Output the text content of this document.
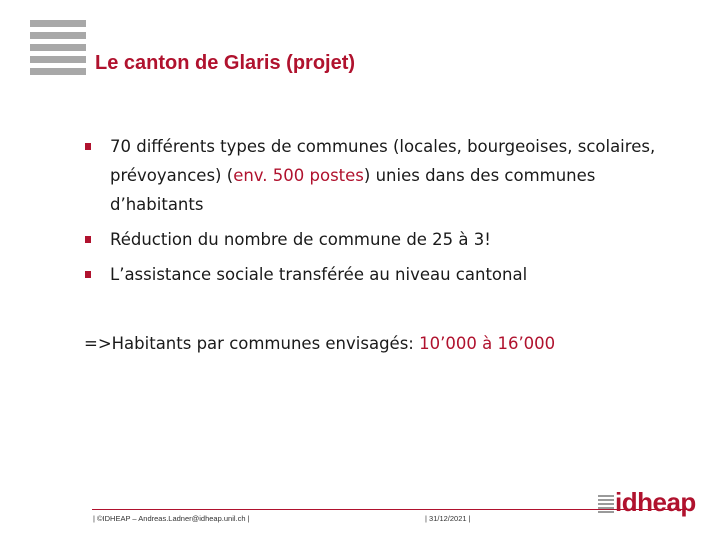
Le canton de Glaris (projet)
70 différents types de communes (locales, bourgeoises, scolaires, prévoyances) (env. 500 postes) unies dans des communes d’habitants
Réduction du nombre de commune de 25 à 3!
L’assistance sociale transférée au niveau cantonal
=>Habitants par communes envisagés: 10’000 à 16’000
| ©IDHEAP – Andreas.Ladner@idheap.unil.ch |	| 31/12/2021 |
idheap
